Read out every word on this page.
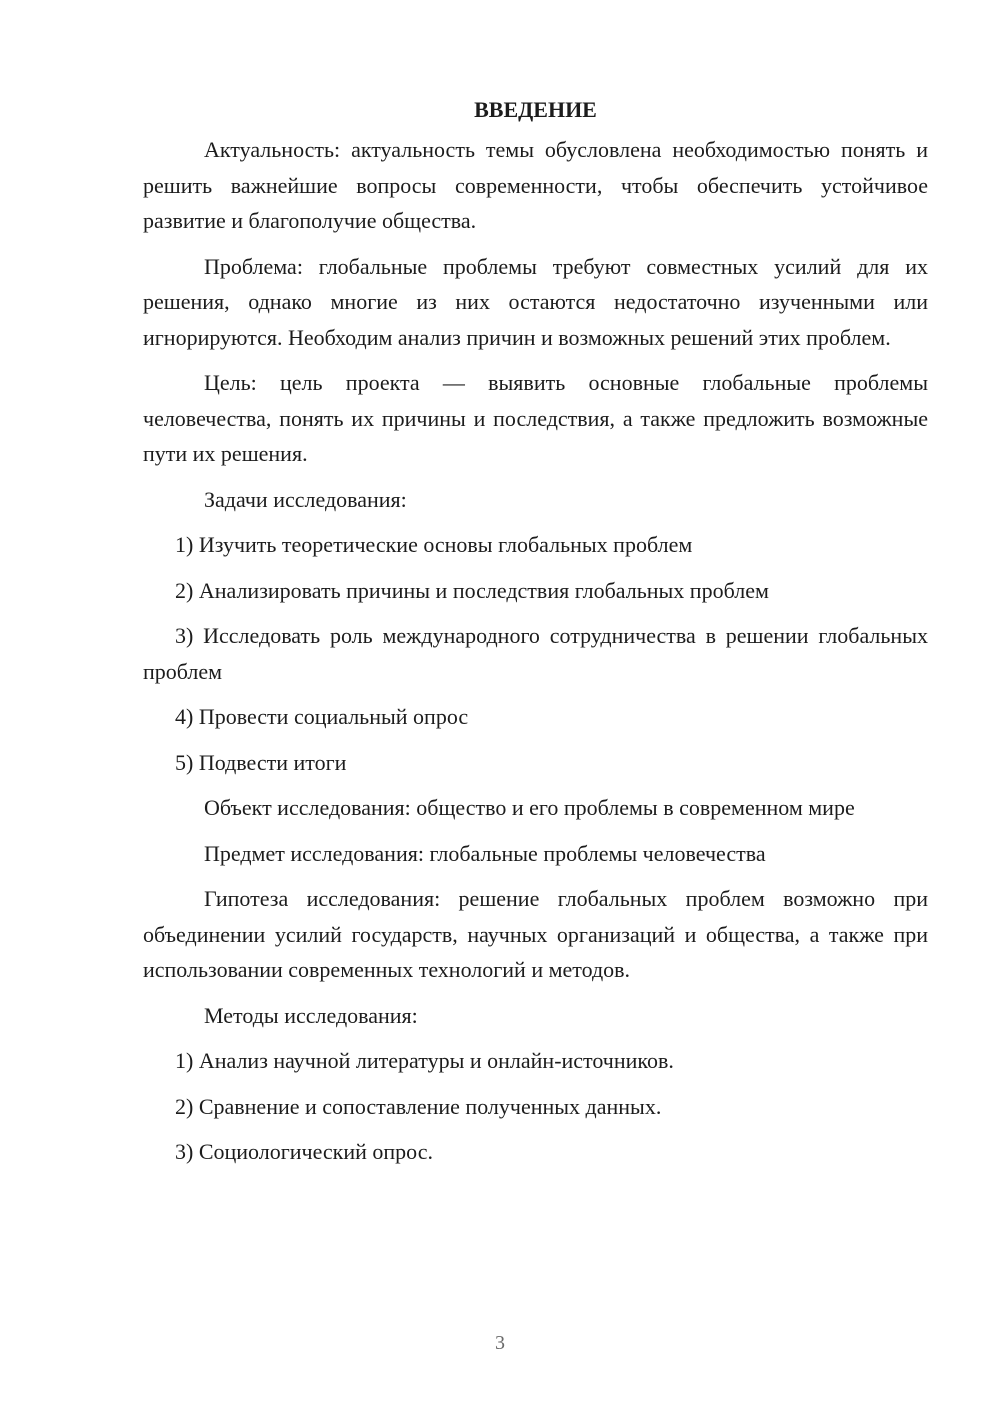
ВВЕДЕНИЕ

Актуальность: актуальность темы обусловлена необходимостью понять и решить важнейшие вопросы современности, чтобы обеспечить устойчивое развитие и благополучие общества.

Проблема: глобальные проблемы требуют совместных усилий для их решения, однако многие из них остаются недостаточно изученными или игнорируются. Необходим анализ причин и возможных решений этих проблем.

Цель: цель проекта — выявить основные глобальные проблемы человечества, понять их причины и последствия, а также предложить возможные пути их решения.

Задачи исследования:

1) Изучить теоретические основы глобальных проблем

2) Анализировать причины и последствия глобальных проблем

3) Исследовать роль международного сотрудничества в решении глобальных проблем

4) Провести социальный опрос

5) Подвести итоги

Объект исследования: общество и его проблемы в современном мире

Предмет исследования: глобальные проблемы человечества

Гипотеза исследования: решение глобальных проблем возможно при объединении усилий государств, научных организаций и общества, а также при использовании современных технологий и методов.

Методы исследования:

1) Анализ научной литературы и онлайн-источников.

2) Сравнение и сопоставление полученных данных.

3) Социологический опрос.

3
